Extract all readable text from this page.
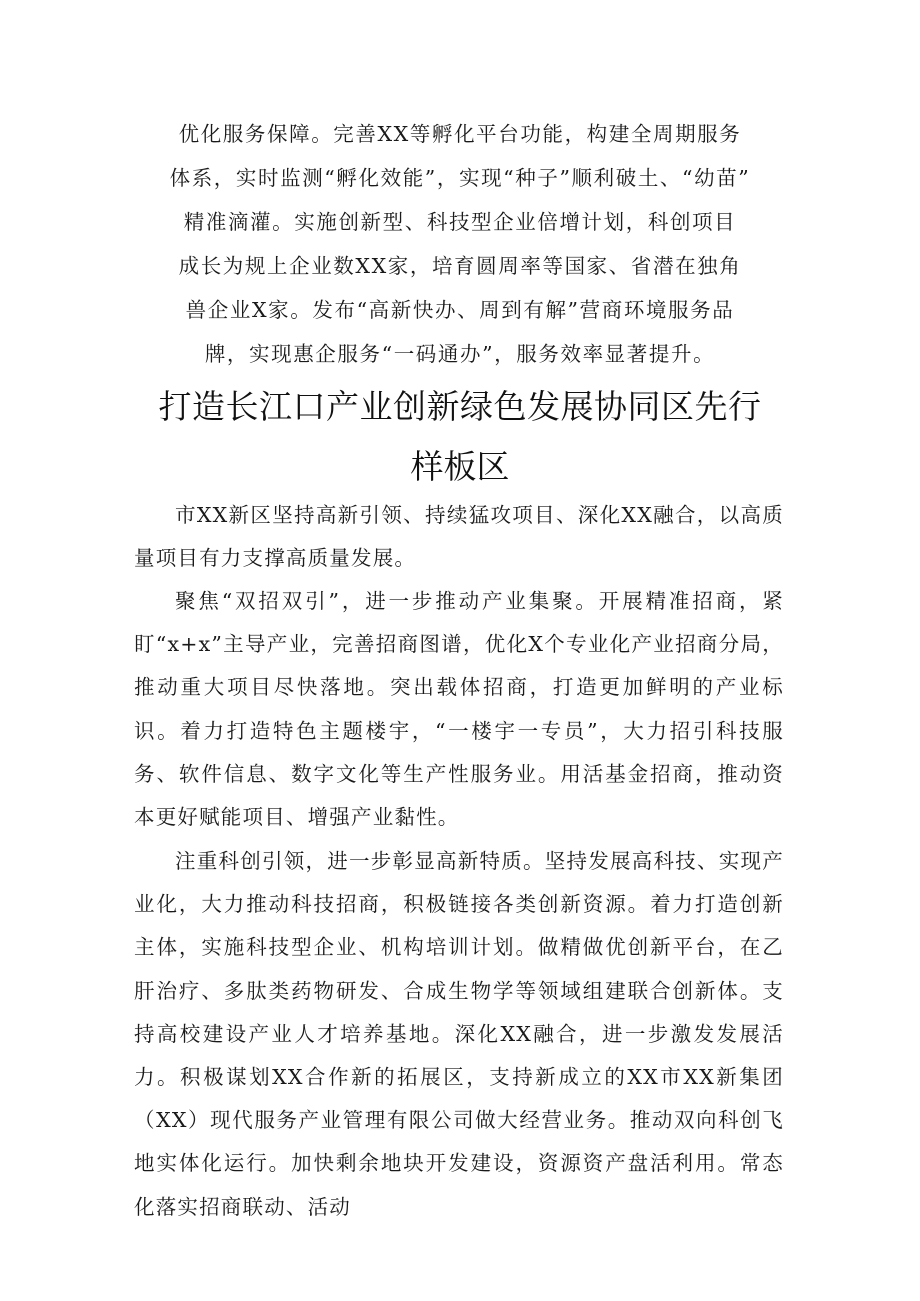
优化服务保障。完善XX等孵化平台功能，构建全周期服务
体系，实时监测“孵化效能”，实现“种子”顺利破土、“幼苗”
精准滴灌。实施创新型、科技型企业倍增计划，科创项目
成长为规上企业数XX家，培育圆周率等国家、省潜在独角
兽企业X家。发布“高新快办、周到有解”营商环境服务品
牌，实现惠企服务“一码通办”，服务效率显著提升。
打造长江口产业创新绿色发展协同区先行
样板区

市XX新区坚持高新引领、持续猛攻项目、深化XX融合，以高质量项目有力支撑高质量发展。

聚焦“双招双引”，进一步推动产业集聚。开展精准招商，紧盯“x+x”主导产业，完善招商图谱，优化X个专业化产业招商分局，推动重大项目尽快落地。突出载体招商，打造更加鲜明的产业标识。着力打造特色主题楼宇，“一楼宇一专员”，大力招引科技服务、软件信息、数字文化等生产性服务业。用活基金招商，推动资本更好赋能项目、增强产业黏性。

注重科创引领，进一步彰显高新特质。坚持发展高科技、实现产业化，大力推动科技招商，积极链接各类创新资源。着力打造创新主体，实施科技型企业、机构培训计划。做精做优创新平台，在乙肝治疗、多肽类药物研发、合成生物学等领域组建联合创新体。支持高校建设产业人才培养基地。深化XX融合，进一步激发发展活力。积极谋划XX合作新的拓展区，支持新成立的XX市XX新集团（XX）现代服务产业管理有限公司做大经营业务。推动双向科创飞地实体化运行。加快剩余地块开发建设，资源资产盘活利用。常态化落实招商联动、活动
